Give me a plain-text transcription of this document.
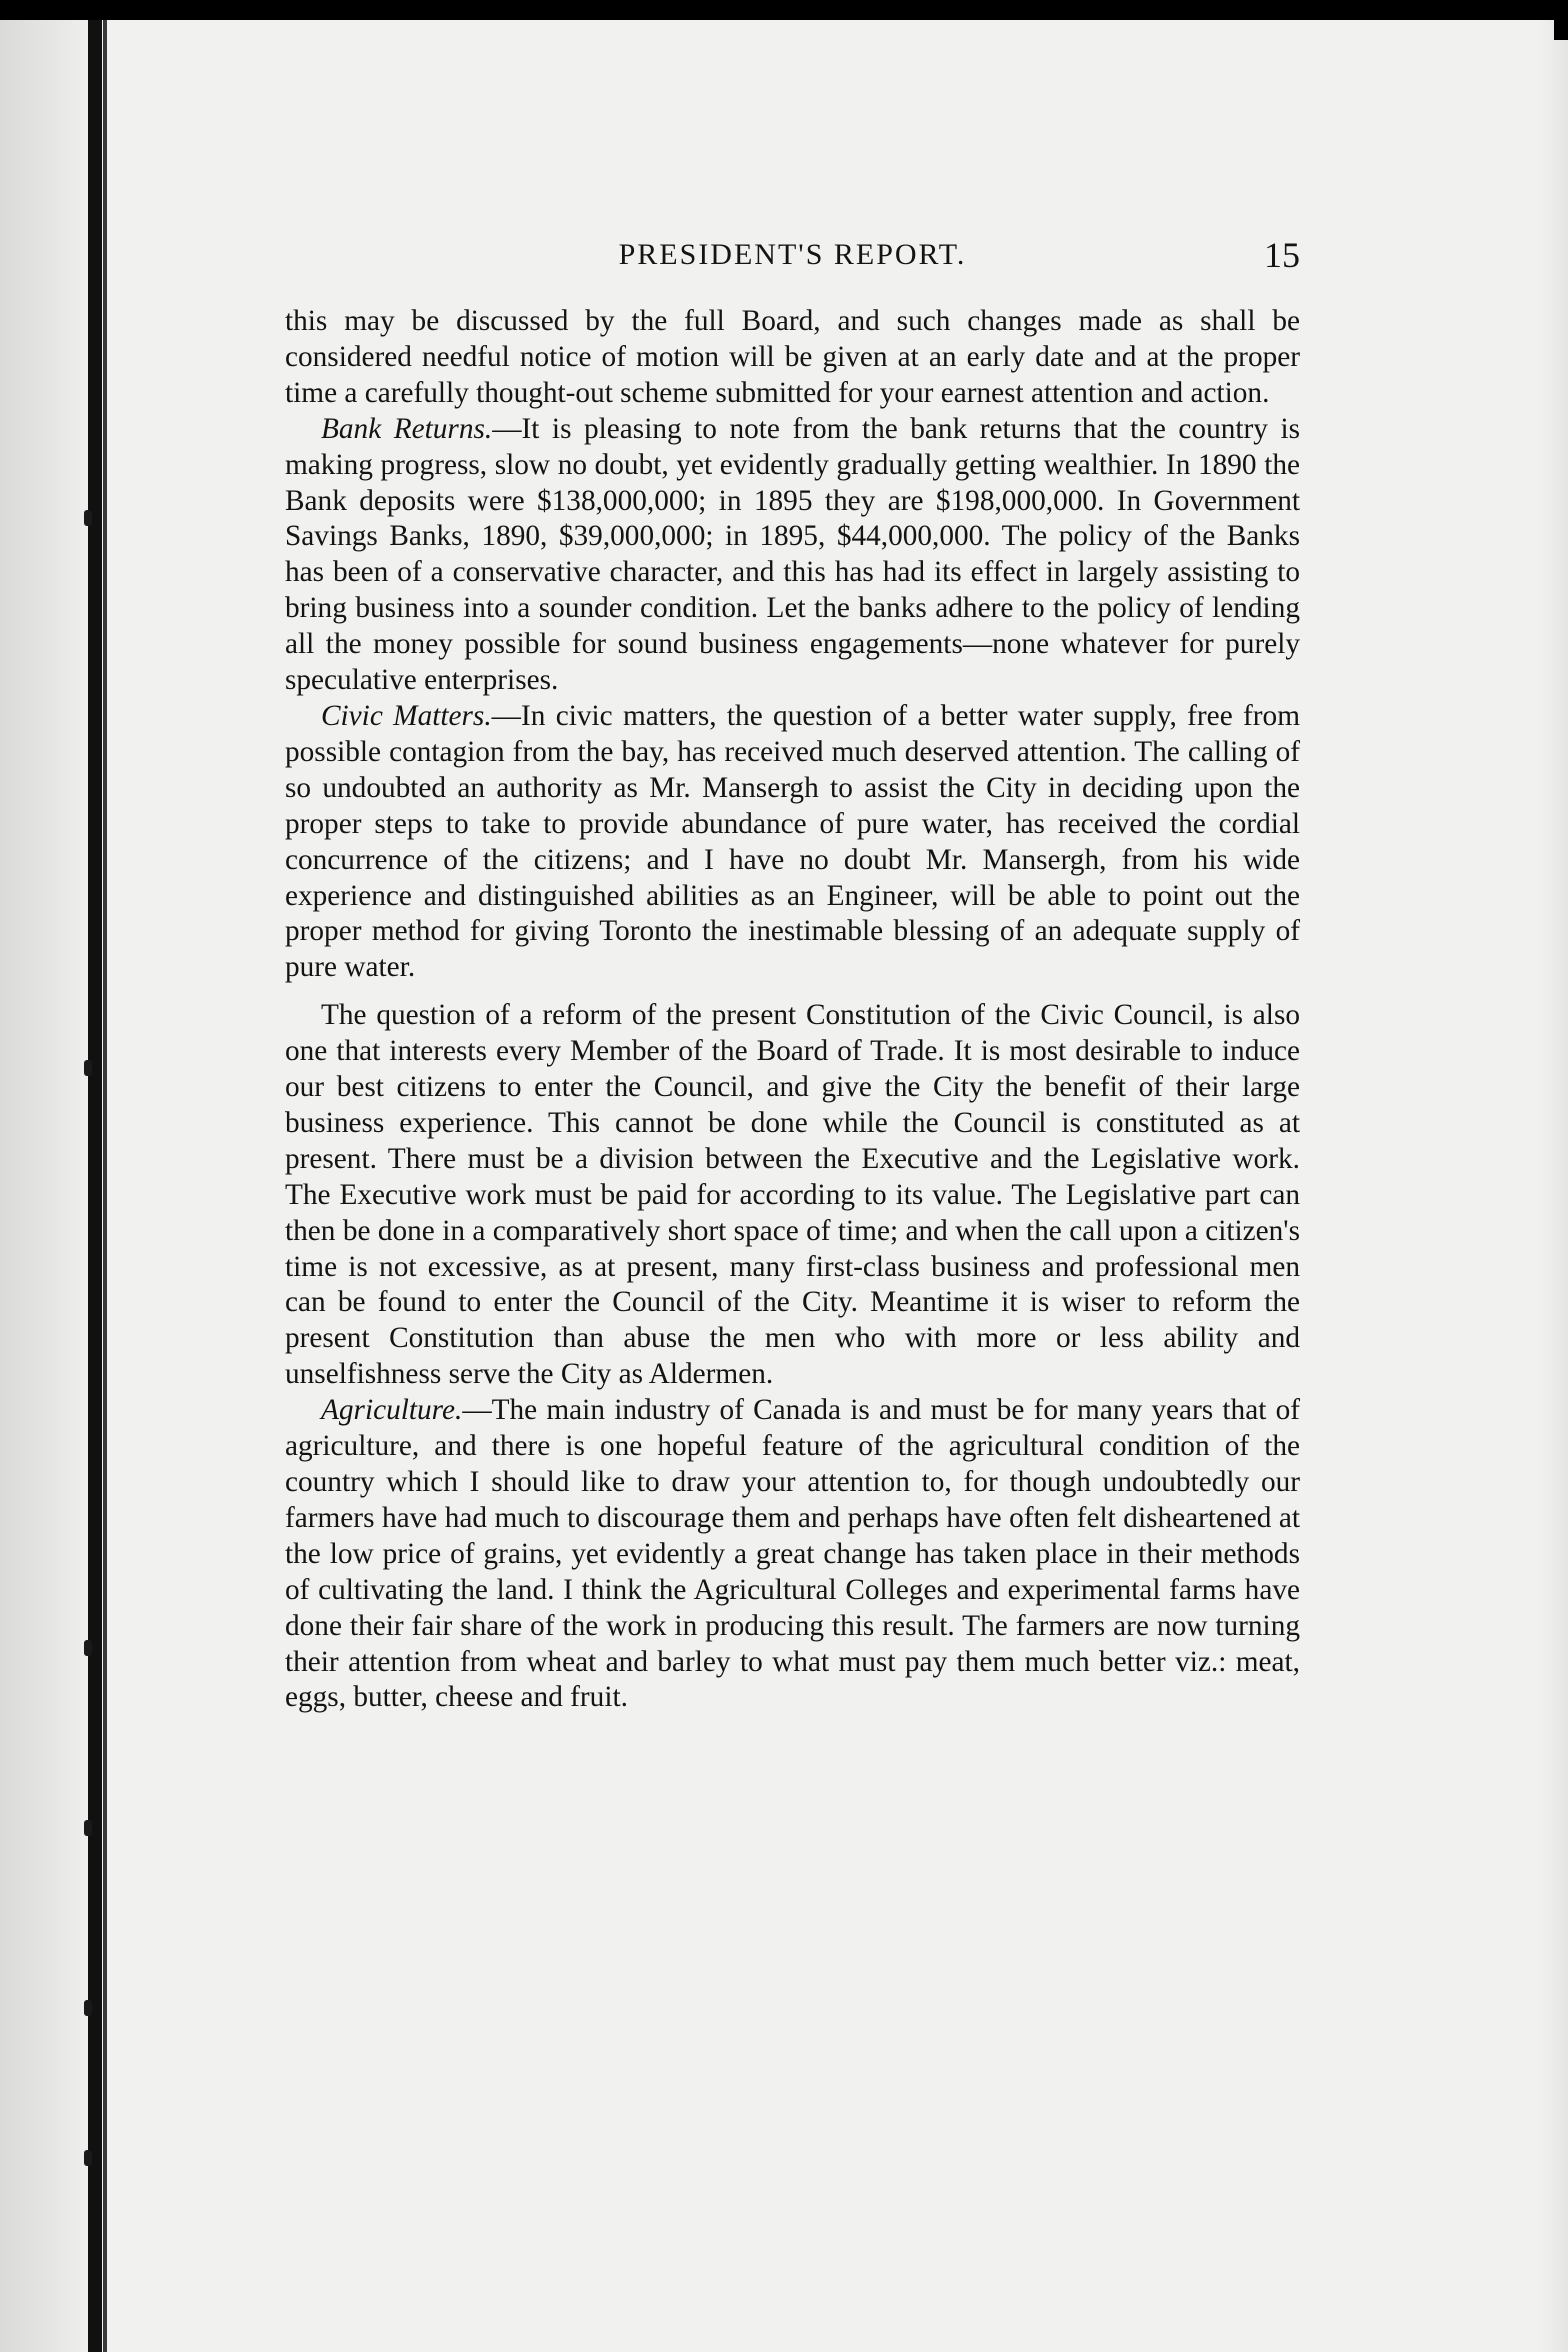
PRESIDENT'S REPORT.	15

this may be discussed by the full Board, and such changes made as shall be considered needful notice of motion will be given at an early date and at the proper time a carefully thought-out scheme submitted for your earnest attention and action.

Bank Returns.—It is pleasing to note from the bank returns that the country is making progress, slow no doubt, yet evidently gradually getting wealthier. In 1890 the Bank deposits were $138,000,000; in 1895 they are $198,000,000. In Government Savings Banks, 1890, $39,000,000; in 1895, $44,000,000. The policy of the Banks has been of a conservative character, and this has had its effect in largely assisting to bring business into a sounder condition. Let the banks adhere to the policy of lending all the money possible for sound business engagements—none whatever for purely speculative enterprises.

Civic Matters.—In civic matters, the question of a better water supply, free from possible contagion from the bay, has received much deserved attention. The calling of so undoubted an authority as Mr. Mansergh to assist the City in deciding upon the proper steps to take to provide abundance of pure water, has received the cordial concurrence of the citizens; and I have no doubt Mr. Mansergh, from his wide experience and distinguished abilities as an Engineer, will be able to point out the proper method for giving Toronto the inestimable blessing of an adequate supply of pure water.

The question of a reform of the present Constitution of the Civic Council, is also one that interests every Member of the Board of Trade. It is most desirable to induce our best citizens to enter the Council, and give the City the benefit of their large business experience. This cannot be done while the Council is constituted as at present. There must be a division between the Executive and the Legislative work. The Executive work must be paid for according to its value. The Legislative part can then be done in a comparatively short space of time; and when the call upon a citizen's time is not excessive, as at present, many first-class business and professional men can be found to enter the Council of the City. Meantime it is wiser to reform the present Constitution than abuse the men who with more or less ability and unselfishness serve the City as Aldermen.

Agriculture.—The main industry of Canada is and must be for many years that of agriculture, and there is one hopeful feature of the agricultural condition of the country which I should like to draw your attention to, for though undoubtedly our farmers have had much to discourage them and perhaps have often felt disheartened at the low price of grains, yet evidently a great change has taken place in their methods of cultivating the land. I think the Agricultural Colleges and experimental farms have done their fair share of the work in producing this result. The farmers are now turning their attention from wheat and barley to what must pay them much better viz.: meat, eggs, butter, cheese and fruit.
